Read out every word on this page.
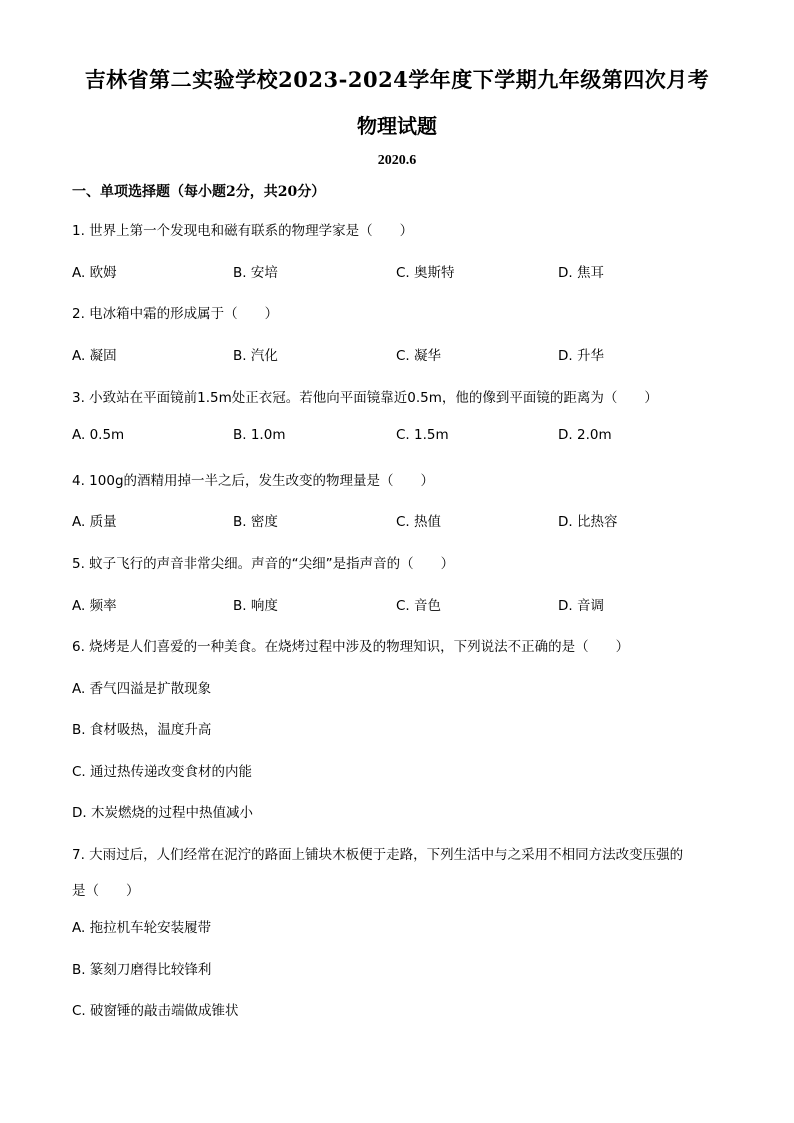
吉林省第二实验学校2023-2024学年度下学期九年级第四次月考
物理试题
2020.6
一、单项选择题（每小题2分，共20分）
1. 世界上第一个发现电和磁有联系的物理学家是（　　）
A. 欧姆	B. 安培	C. 奥斯特	D. 焦耳
2. 电冰箱中霜的形成属于（　　）
A. 凝固	B. 汽化	C. 凝华	D. 升华
3. 小致站在平面镜前1.5m处正衣冠。若他向平面镜靠近0.5m，他的像到平面镜的距离为（　　）
A. 0.5m	B. 1.0m	C. 1.5m	D. 2.0m
4. 100g的酒精用掉一半之后，发生改变的物理量是（　　）
A. 质量	B. 密度	C. 热值	D. 比热容
5. 蚊子飞行的声音非常尖细。声音的“尖细”是指声音的（　　）
A. 频率	B. 响度	C. 音色	D. 音调
6. 烧烤是人们喜爱的一种美食。在烧烤过程中涉及的物理知识，下列说法不正确的是（　　）
A. 香气四溢是扩散现象
B. 食材吸热，温度升高
C. 通过热传递改变食材的内能
D. 木炭燃烧的过程中热值减小
7. 大雨过后，人们经常在泥泞的路面上铺块木板便于走路，下列生活中与之采用不相同方法改变压强的
是（　　）
A. 拖拉机车轮安装履带
B. 篆刻刀磨得比较锋利
C. 破窗锤的敲击端做成锥状
